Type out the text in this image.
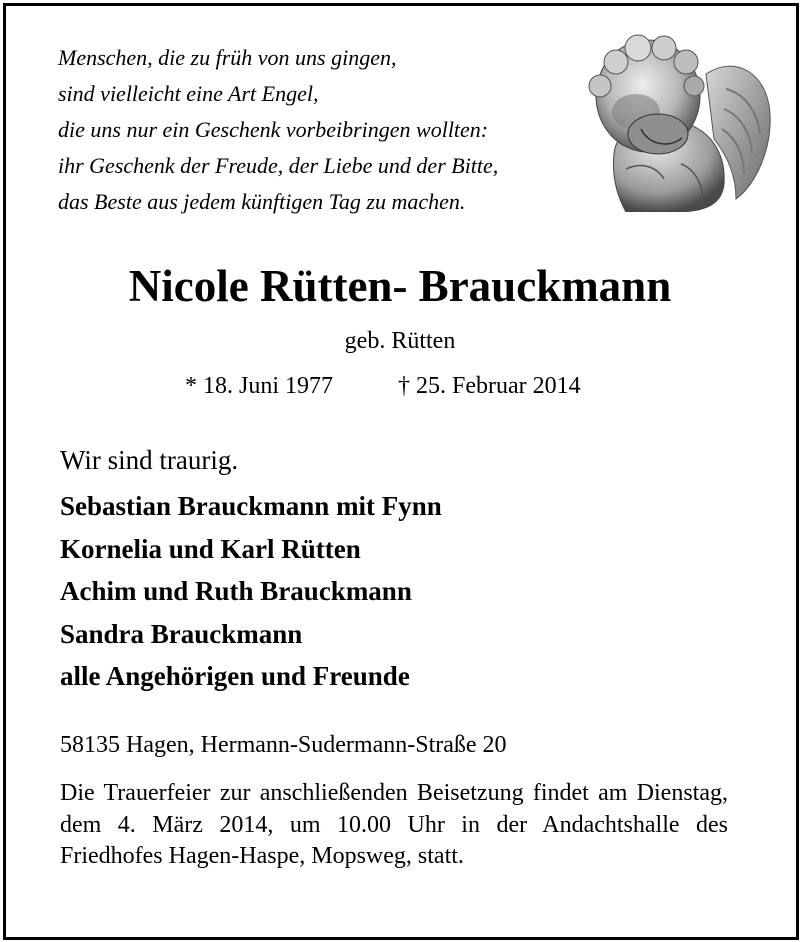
Menschen, die zu früh von uns gingen,
sind vielleicht eine Art Engel,
die uns nur ein Geschenk vorbeibringen wollten:
ihr Geschenk der Freude, der Liebe und der Bitte,
das Beste aus jedem künftigen Tag zu machen.
Nicole Rütten- Brauckmann
geb. Rütten
* 18. Juni 1977	† 25. Februar 2014
Wir sind traurig.
Sebastian Brauckmann mit Fynn
Kornelia und Karl Rütten
Achim und Ruth Brauckmann
Sandra Brauckmann
alle Angehörigen und Freunde
58135 Hagen, Hermann-Sudermann-Straße 20
Die Trauerfeier zur anschließenden Beisetzung findet am Dienstag, dem 4. März 2014, um 10.00 Uhr in der Andachtshalle des Friedhofes Hagen-Haspe, Mopsweg, statt.
